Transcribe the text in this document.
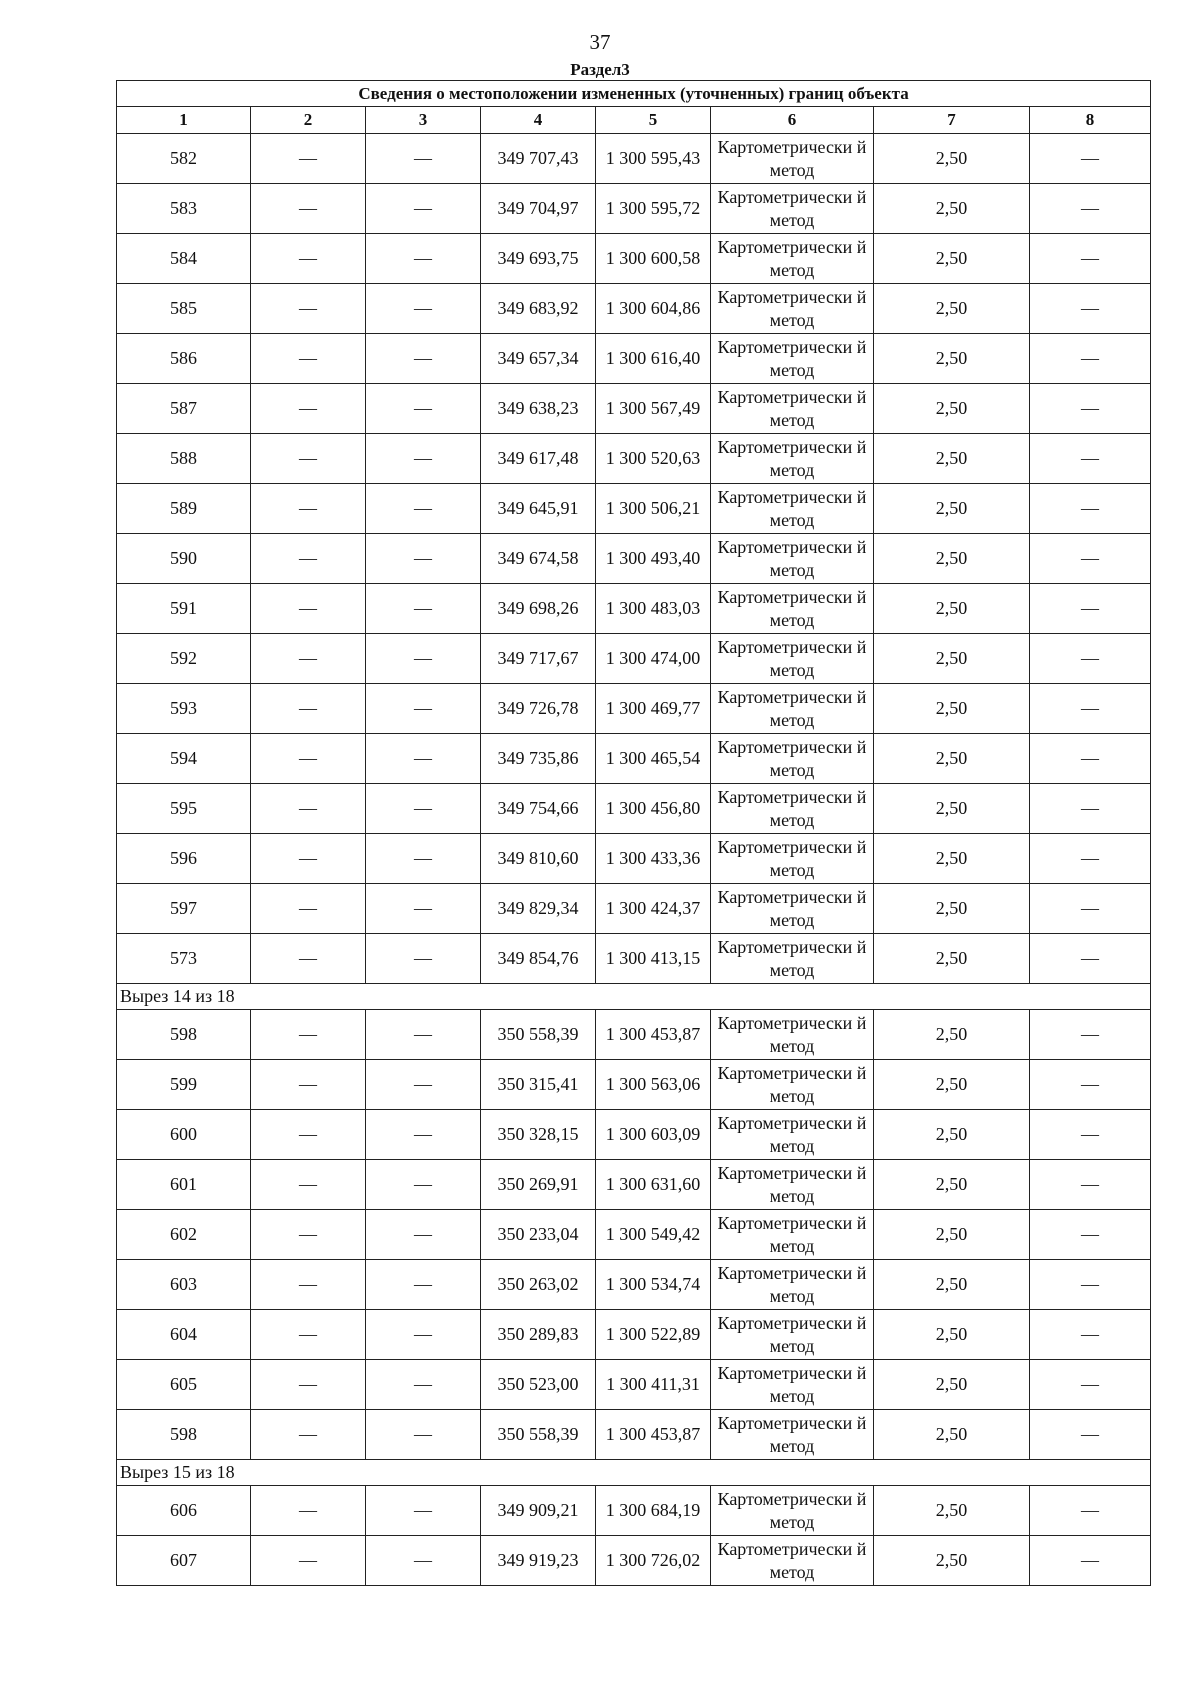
37
Раздел3
Сведения о местоположении измененных (уточненных) границ объекта							
1	2	3	4	5	6	7	8
582	—	—	349 707,43	1 300 595,43	Картометрически й метод	2,50	—
583	—	—	349 704,97	1 300 595,72	Картометрически й метод	2,50	—
584	—	—	349 693,75	1 300 600,58	Картометрически й метод	2,50	—
585	—	—	349 683,92	1 300 604,86	Картометрически й метод	2,50	—
586	—	—	349 657,34	1 300 616,40	Картометрически й метод	2,50	—
587	—	—	349 638,23	1 300 567,49	Картометрически й метод	2,50	—
588	—	—	349 617,48	1 300 520,63	Картометрически й метод	2,50	—
589	—	—	349 645,91	1 300 506,21	Картометрически й метод	2,50	—
590	—	—	349 674,58	1 300 493,40	Картометрически й метод	2,50	—
591	—	—	349 698,26	1 300 483,03	Картометрически й метод	2,50	—
592	—	—	349 717,67	1 300 474,00	Картометрически й метод	2,50	—
593	—	—	349 726,78	1 300 469,77	Картометрически й метод	2,50	—
594	—	—	349 735,86	1 300 465,54	Картометрически й метод	2,50	—
595	—	—	349 754,66	1 300 456,80	Картометрически й метод	2,50	—
596	—	—	349 810,60	1 300 433,36	Картометрически й метод	2,50	—
597	—	—	349 829,34	1 300 424,37	Картометрически й метод	2,50	—
573	—	—	349 854,76	1 300 413,15	Картометрически й метод	2,50	—
Вырез 14 из 18							
598	—	—	350 558,39	1 300 453,87	Картометрически й метод	2,50	—
599	—	—	350 315,41	1 300 563,06	Картометрически й метод	2,50	—
600	—	—	350 328,15	1 300 603,09	Картометрически й метод	2,50	—
601	—	—	350 269,91	1 300 631,60	Картометрически й метод	2,50	—
602	—	—	350 233,04	1 300 549,42	Картометрически й метод	2,50	—
603	—	—	350 263,02	1 300 534,74	Картометрически й метод	2,50	—
604	—	—	350 289,83	1 300 522,89	Картометрически й метод	2,50	—
605	—	—	350 523,00	1 300 411,31	Картометрически й метод	2,50	—
598	—	—	350 558,39	1 300 453,87	Картометрически й метод	2,50	—
Вырез 15 из 18							
606	—	—	349 909,21	1 300 684,19	Картометрически й метод	2,50	—
607	—	—	349 919,23	1 300 726,02	Картометрически й метод	2,50	—
